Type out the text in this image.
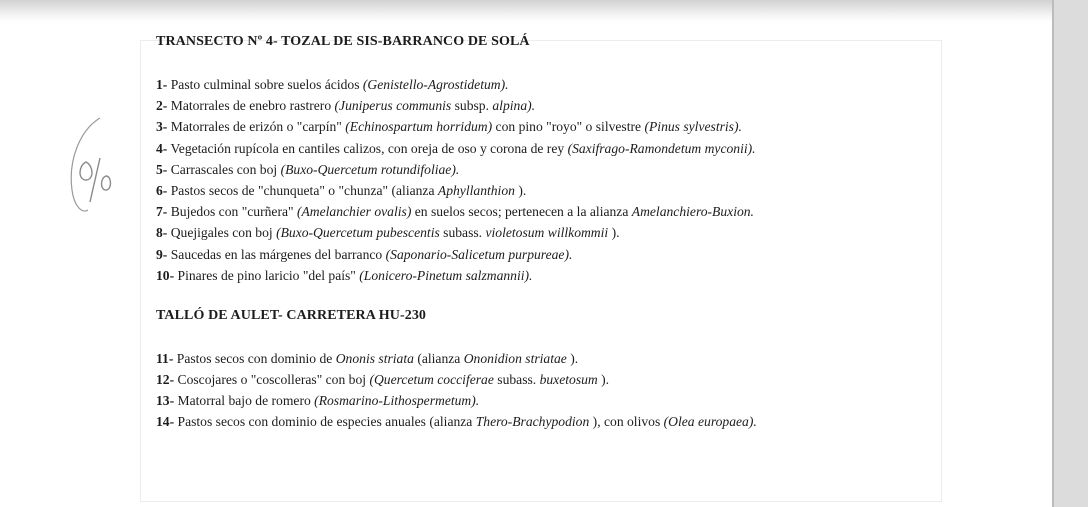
TRANSECTO Nº 4- TOZAL DE SIS-BARRANCO DE SOLÁ
1- Pasto culminal sobre suelos ácidos (Genistello-Agrostidetum).
2- Matorrales de enebro rastrero (Juniperus communis subsp. alpina).
3- Matorrales de erizón o "carpín" (Echinospartum horridum) con pino "royo" o silvestre (Pinus sylvestris).
4- Vegetación rupícola en cantiles calizos, con oreja de oso y corona de rey (Saxifrago-Ramondetum myconii).
5- Carrascales con boj (Buxo-Quercetum rotundifoliae).
6- Pastos secos de "chunqueta" o "chunza" (alianza Aphyllanthion ).
7- Bujedos con "curñera" (Amelanchier ovalis) en suelos secos; pertenecen a la alianza Amelanchiero-Buxion.
8- Quejigales con boj (Buxo-Quercetum pubescentis subass. violetosum willkommii ).
9- Saucedas en las márgenes del barranco (Saponario-Salicetum purpureae).
10- Pinares de pino laricio "del país" (Lonicero-Pinetum salzmannii).
TALLÓ DE AULET- CARRETERA HU-230
11- Pastos secos con dominio de Ononis striata (alianza Ononidion striatae ).
12- Coscojares o "coscolleras" con boj (Quercetum cocciferae subass. buxetosum ).
13- Matorral bajo de romero (Rosmarino-Lithospermetum).
14- Pastos secos con dominio de especies anuales (alianza Thero-Brachypodion ), con olivos (Olea europaea).
